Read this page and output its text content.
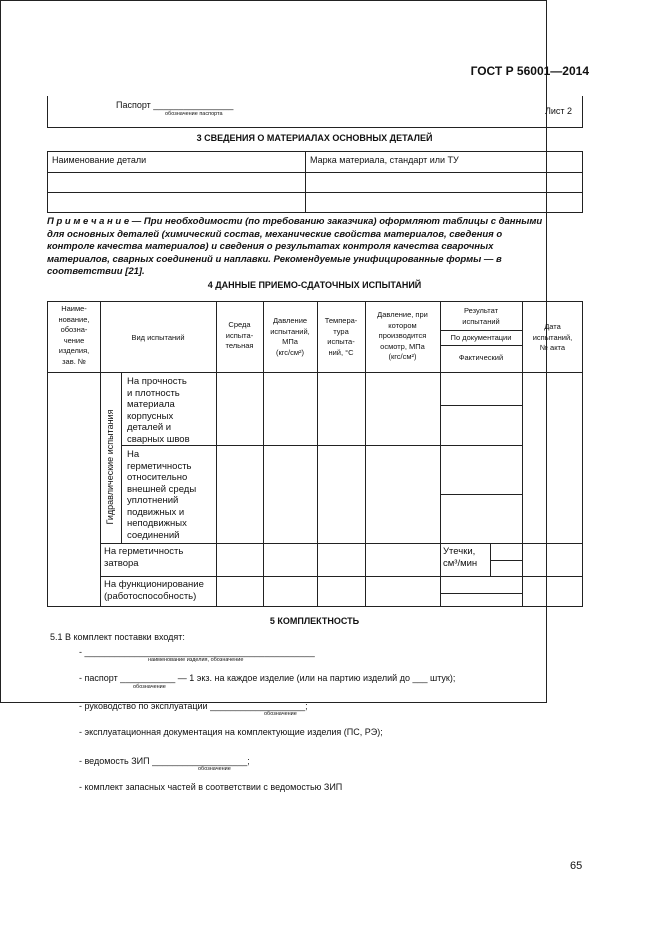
ГОСТ Р 56001—2014
Паспорт ________________
обозначение паспорта	Лист 2
3 СВЕДЕНИЯ О МАТЕРИАЛАХ ОСНОВНЫХ ДЕТАЛЕЙ
Наименование детали	Марка материала, стандарт или ТУ
П р и м е ч а н и е — При необходимости (по требованию заказчика) оформляют таблицы с данными
для основных деталей (химический состав, механические свойства материалов, сведения о
контроле качества материалов) и сведения о результатах контроля качества сварочных
материалов, сварных соединений и наплавки. Рекомендуемые унифицированные формы — в
соответствии [21].
4 ДАННЫЕ ПРИЕМО-СДАТОЧНЫХ ИСПЫТАНИЙ
Наиме-
нование,
обозна-
чение
изделия,
зав. №
Вид испытаний
Среда
испыта-
тельная
Давление
испытаний,
МПа
(кгс/см²)
Темпера-
тура
испыта-
ний, °С
Давление, при
котором
производится
осмотр, МПа
(кгс/см²)
Результат
испытаний
По документации
Фактический
Дата
испытаний,
№ акта
Гидравлические испытания
На прочность
и плотность
материала
корпусных
деталей и
сварных швов
На
герметичность
относительно
внешней среды
уплотнений
подвижных и
неподвижных
соединений
На герметичность
затвора
Утечки,
см³/мин
На функционирование
(работоспособность)
5 КОМПЛЕКТНОСТЬ
5.1 В комплект поставки входят:
- ______________________________________________
наименование изделия, обозначение
- паспорт ___________ — 1 экз. на каждое изделие (или на партию изделий до ___ штук);
обозначение
- руководство по эксплуатации ___________________;
обозначение
- эксплуатационная документация на комплектующие изделия (ПС, РЭ);
- ведомость ЗИП ___________________;
обозначение
- комплект запасных частей в соответствии с ведомостью ЗИП
65
